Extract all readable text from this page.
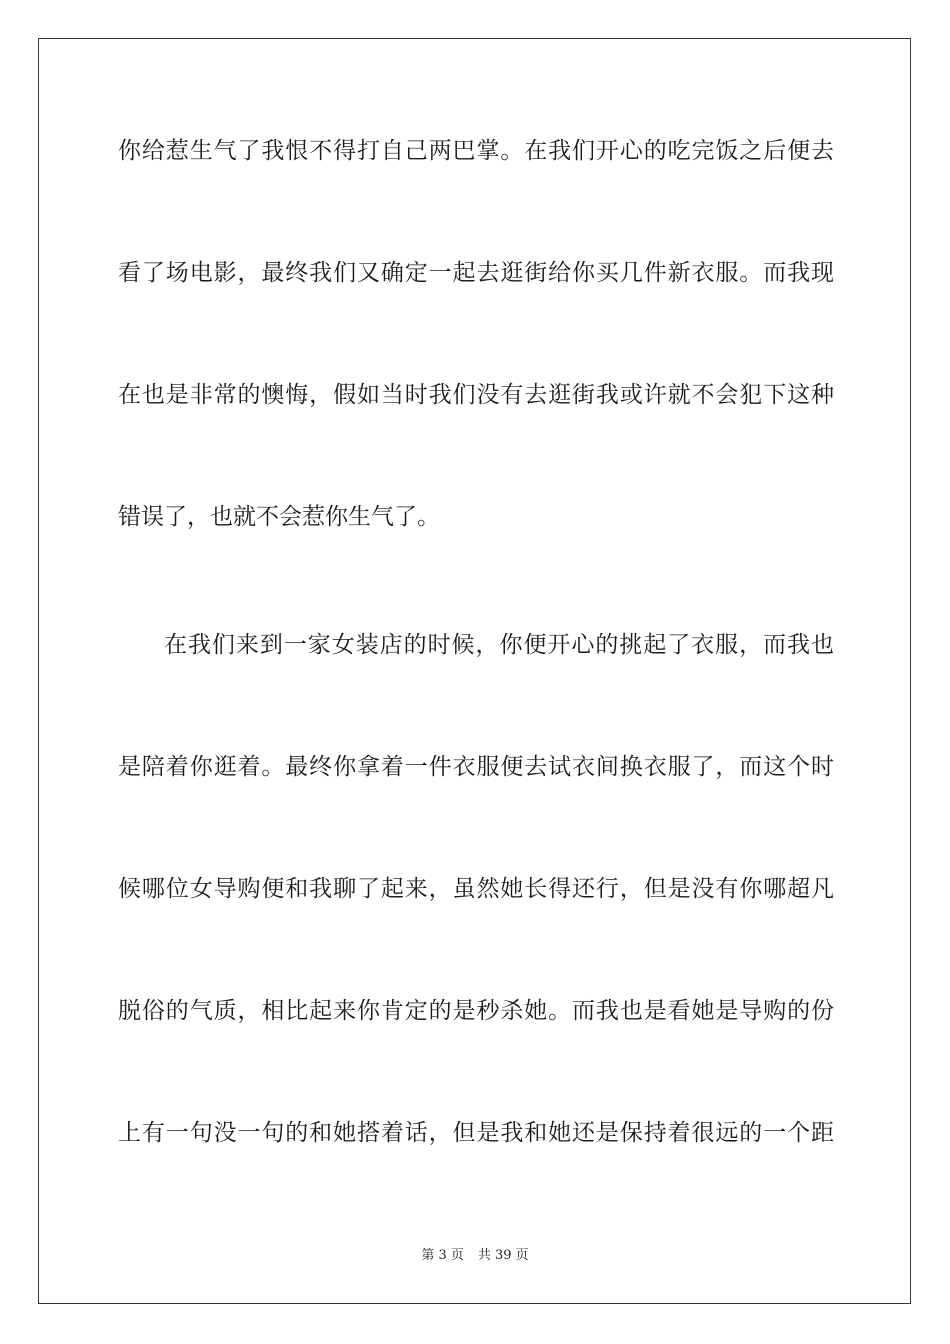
你给惹生气了我恨不得打自己两巴掌。在我们开心的吃完饭之后便去
看了场电影，最终我们又确定一起去逛街给你买几件新衣服。而我现
在也是非常的懊悔，假如当时我们没有去逛街我或许就不会犯下这种
错误了，也就不会惹你生气了。
在我们来到一家女装店的时候，你便开心的挑起了衣服，而我也
是陪着你逛着。最终你拿着一件衣服便去试衣间换衣服了，而这个时
候哪位女导购便和我聊了起来，虽然她长得还行，但是没有你哪超凡
脱俗的气质，相比起来你肯定的是秒杀她。而我也是看她是导购的份
上有一句没一句的和她搭着话，但是我和她还是保持着很远的一个距
第 3 页 共 39 页
